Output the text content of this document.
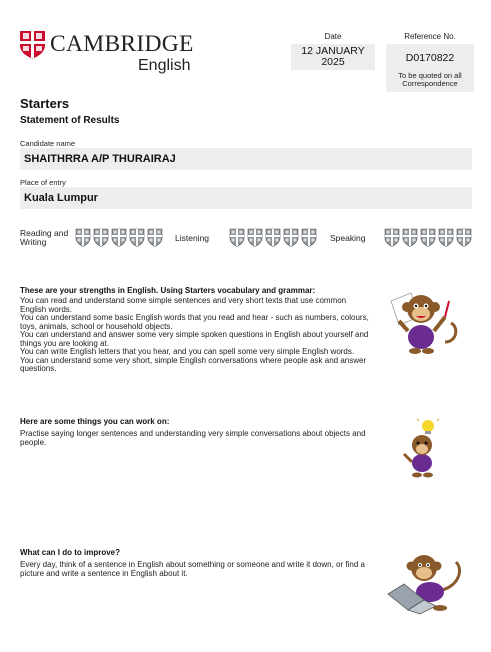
CAMBRIDGE
English
Date
12 JANUARY 2025
Reference No.
D0170822
To be quoted on all Correspondence
Starters
Statement of Results
Candidate name
SHAITHRRA A/P THURAIRAJ
Place of entry
Kuala Lumpur
Reading and Writing	Listening	Speaking
These are your strengths in English. Using Starters vocabulary and grammar:

You can read and understand some simple sentences and very short texts that use common English words.

You can understand some basic English words that you read and hear - such as numbers, colours, toys, animals, school or household objects.

You can understand and answer some very simple spoken questions in English about yourself and things you are looking at.

You can write English letters that you hear, and you can spell some very simple English words.

You can understand some very short, simple English conversations where people ask and answer questions.

Here are some things you can work on:

Practise saying longer sentences and understanding very simple conversations about objects and people.

What can I do to improve?

Every day, think of a sentence in English about something or someone and write it down, or find a picture and write a sentence in English about it.
